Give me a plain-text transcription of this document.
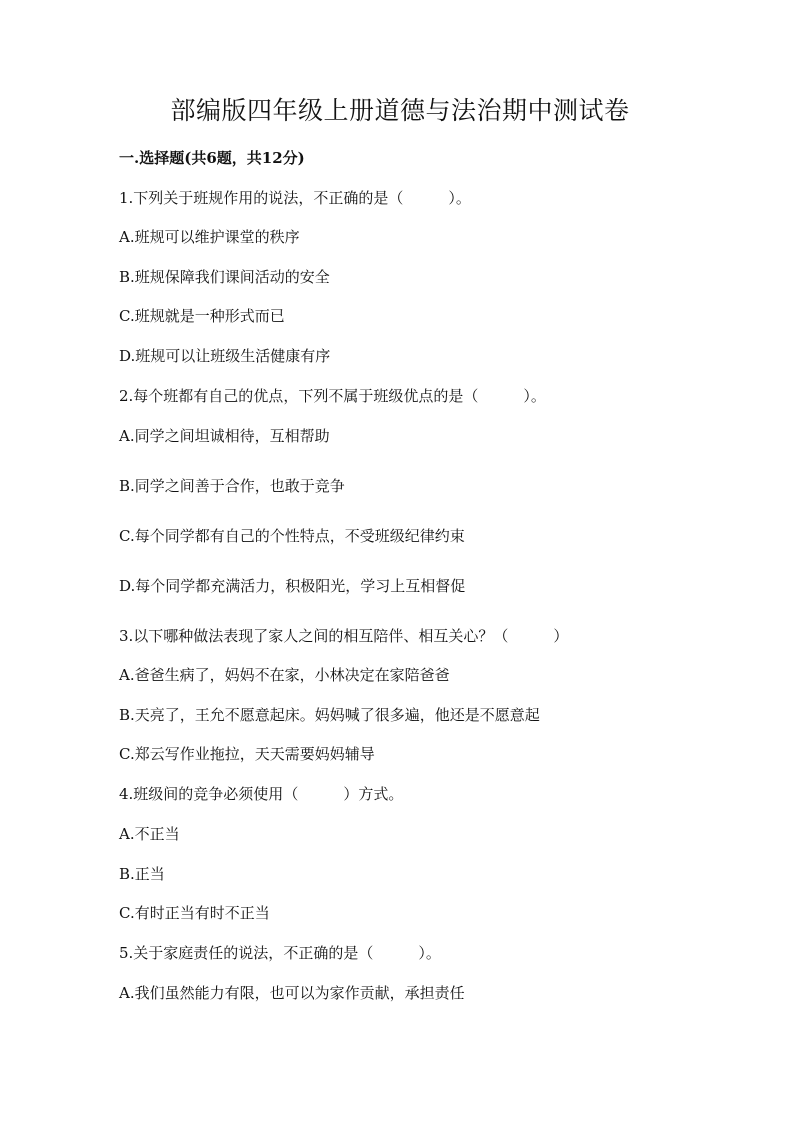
部编版四年级上册道德与法治期中测试卷
一.选择题(共6题，共12分)
1.下列关于班规作用的说法，不正确的是（　　　）。
A.班规可以维护课堂的秩序
B.班规保障我们课间活动的安全
C.班规就是一种形式而已
D.班规可以让班级生活健康有序
2.每个班都有自己的优点，下列不属于班级优点的是（　　　）。
A.同学之间坦诚相待，互相帮助
B.同学之间善于合作，也敢于竞争
C.每个同学都有自己的个性特点，不受班级纪律约束
D.每个同学都充满活力，积极阳光，学习上互相督促
3.以下哪种做法表现了家人之间的相互陪伴、相互关心？（　　　）
A.爸爸生病了，妈妈不在家，小林决定在家陪爸爸
B.天亮了，王允不愿意起床。妈妈喊了很多遍，他还是不愿意起
C.郑云写作业拖拉，天天需要妈妈辅导
4.班级间的竞争必须使用（　　　）方式。
A.不正当
B.正当
C.有时正当有时不正当
5.关于家庭责任的说法，不正确的是（　　　）。
A.我们虽然能力有限，也可以为家作贡献，承担责任
